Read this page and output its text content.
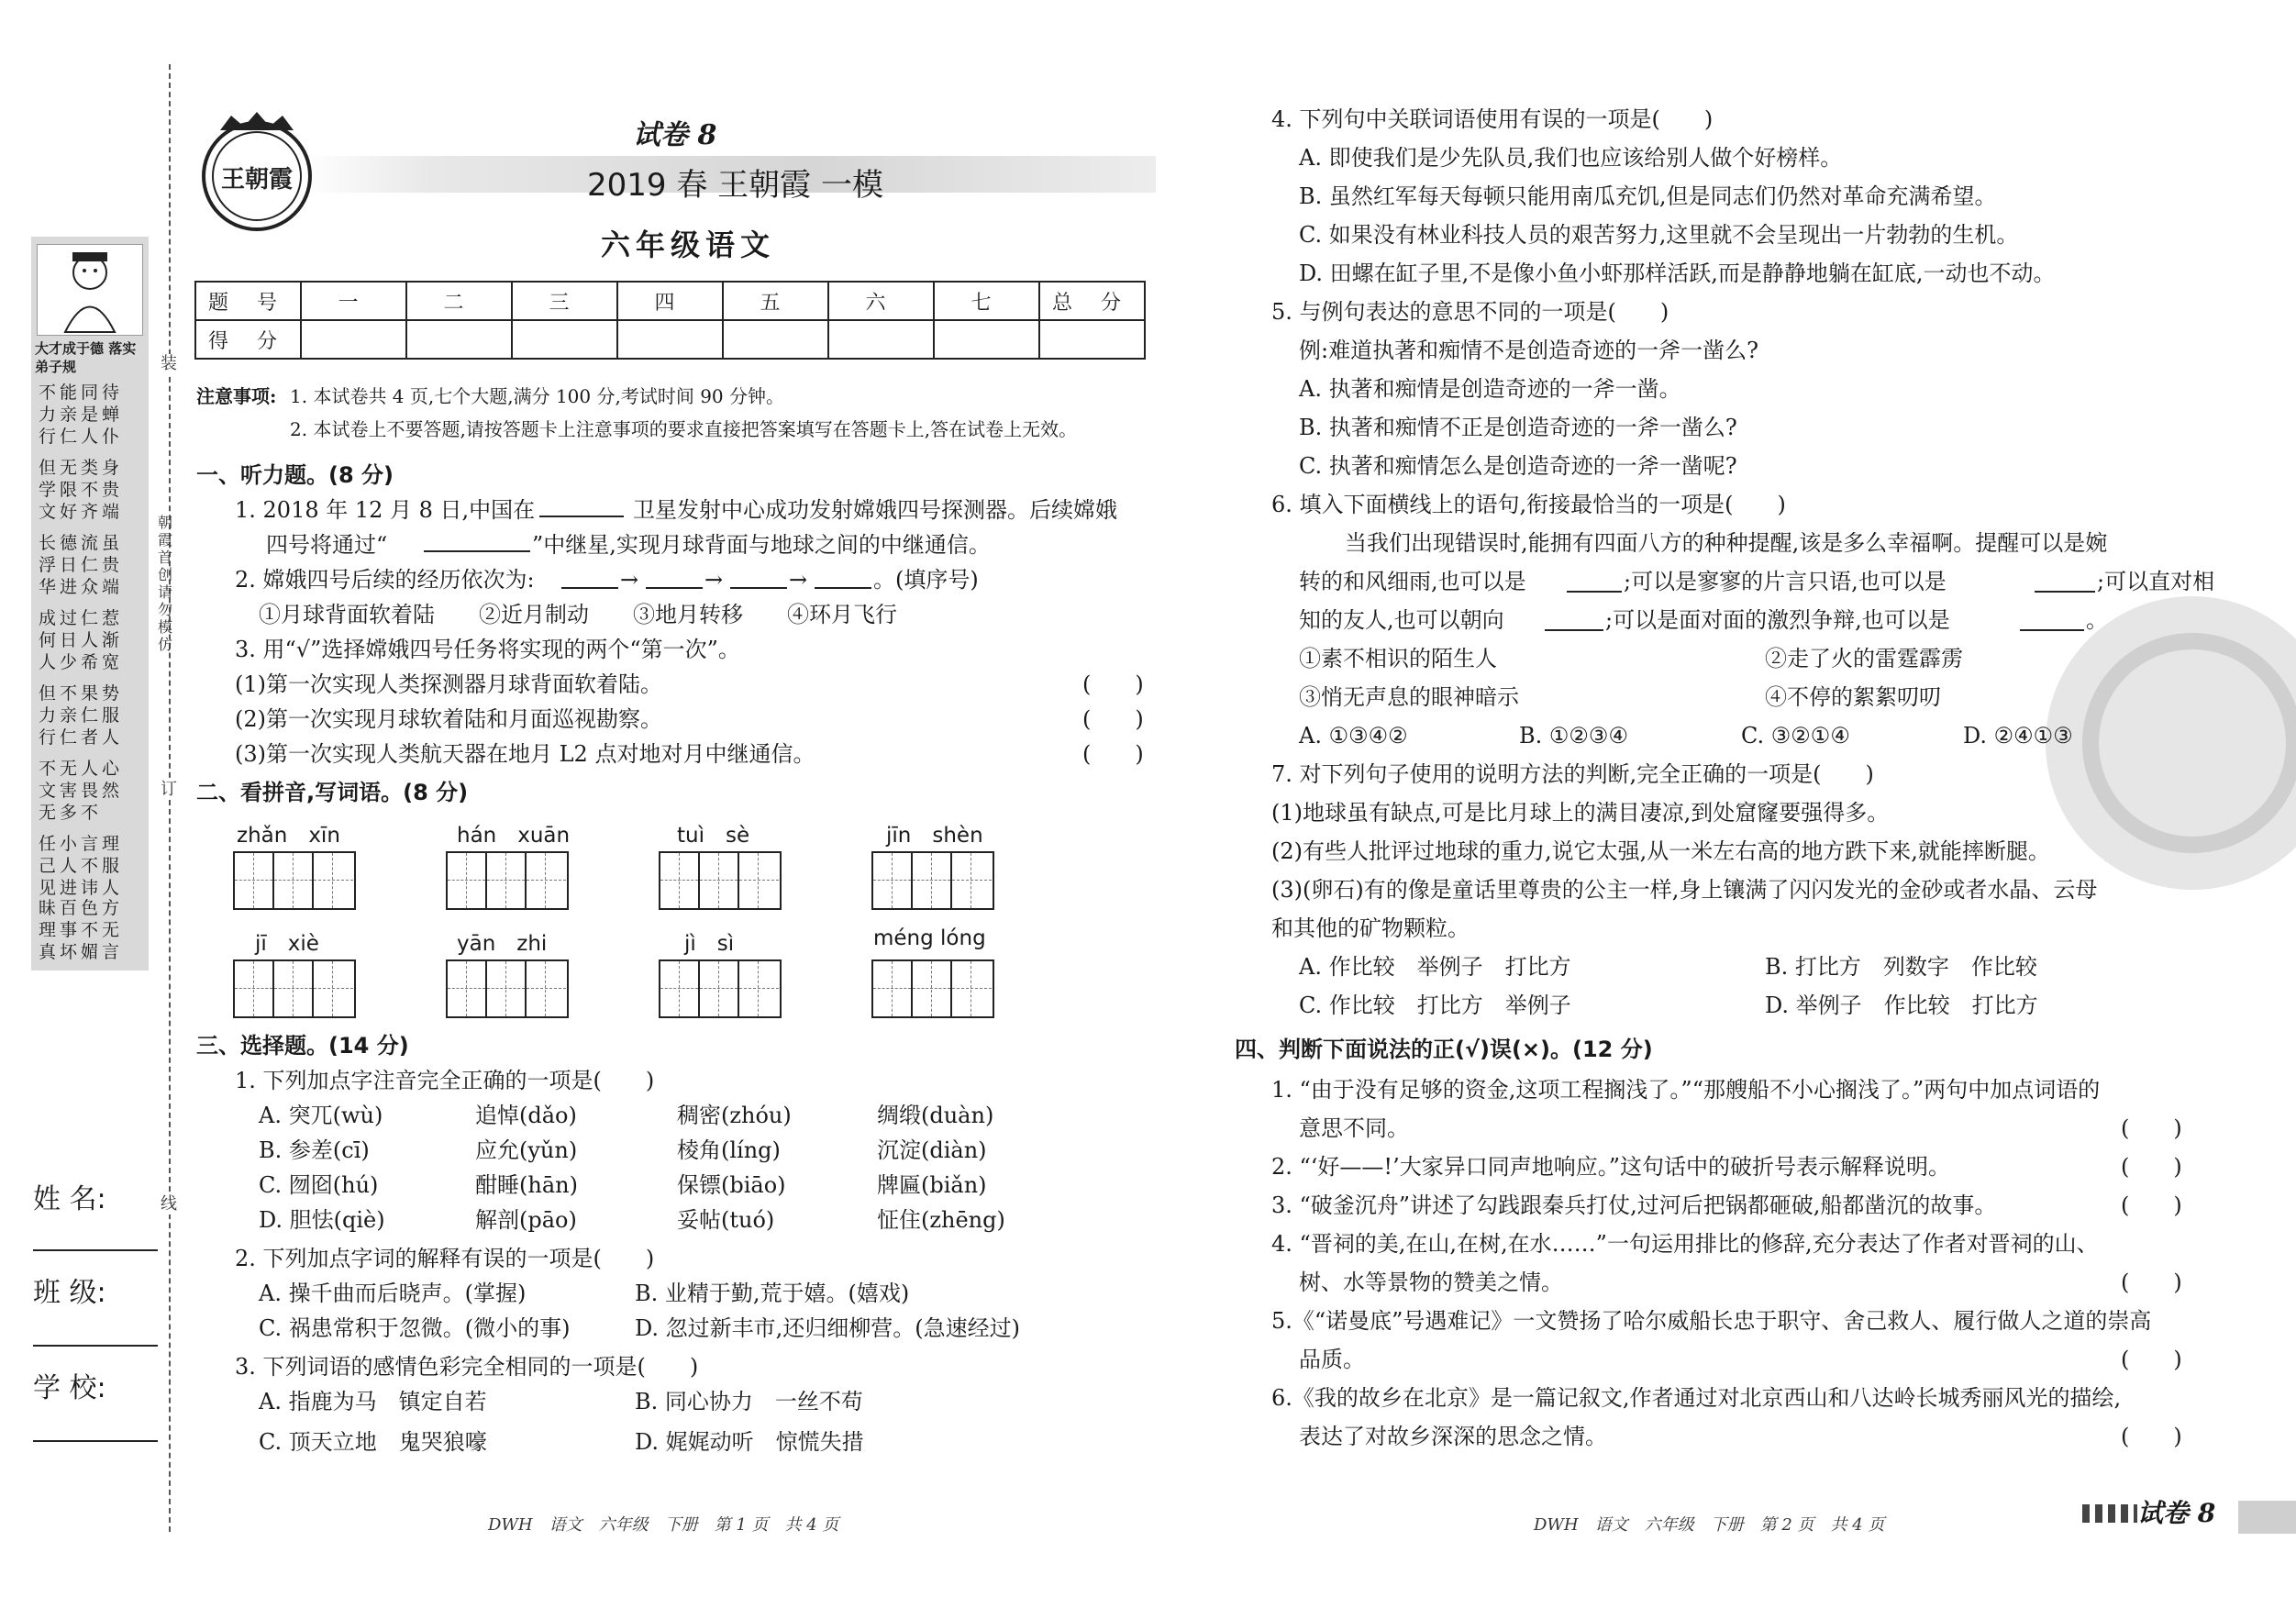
大才成于德 落实弟子规
不能同待 力亲是蝉 行仁人仆
但无类身 学限不贵 文好齐端
长德流虽 浮日仁贵 华进众端
成过仁惹 何日人渐 人少希宽
但不果势 力亲仁服 行仁者人
不无人心 文害畏然 无多不
任小言理 己人不服 见进讳人
昧百色方 理事不无 真坏媚言
装
订
线
朝霞首创 请勿模仿
姓 名:
班 级:
学 校:
王朝霞
试卷 8
2019 春 王朝霞 一模
六年级语文
题 号	一	二	三	四	五	六	七	总 分
得 分								
注意事项: 1. 本试卷共 4 页,七个大题,满分 100 分,考试时间 90 分钟。
2. 本试卷上不要答题,请按答题卡上注意事项的要求直接把答案填写在答题卡上,答在试卷上无效。
一、听力题。(8 分)
1. 2018 年 12 月 8 日,中国在	卫星发射中心成功发射嫦娥四号探测器。后续嫦娥
四号将通过“	”中继星,实现月球背面与地球之间的中继通信。
2. 嫦娥四号后续的经历依次为:	→	→	→	。(填序号)
①月球背面软着陆　　②近月制动　　③地月转移　　④环月飞行
3. 用“√”选择嫦娥四号任务将实现的两个“第一次”。
(1)第一次实现人类探测器月球背面软着陆。	(　　)
(2)第一次实现月球软着陆和月面巡视勘察。	(　　)
(3)第一次实现人类航天器在地月 L2 点对地对月中继通信。	(　　)
二、看拼音,写词语。(8 分)
zhǎn　xīn	hán　xuān	tuì　sè	jīn　shèn
jī　xiè	yān　zhi	jì　sì	méng lóng
三、选择题。(14 分)
1. 下列加点字注音完全正确的一项是(　　)
A. 突兀(wù)	追悼(dǎo)	稠密(zhóu)	绸缎(duàn)
B. 参差(cī)	应允(yǔn)	棱角(líng)	沉淀(diàn)
C. 囫囵(hú)	酣睡(hān)	保镖(biāo)	牌匾(biǎn)
D. 胆怯(qiè)	解剖(pāo)	妥帖(tuó)	怔住(zhēng)
2. 下列加点字词的解释有误的一项是(　　)
A. 操千曲而后晓声。(掌握)	B. 业精于勤,荒于嬉。(嬉戏)
C. 祸患常积于忽微。(微小的事)	D. 忽过新丰市,还归细柳营。(急速经过)
3. 下列词语的感情色彩完全相同的一项是(　　)
A. 指鹿为马　镇定自若	B. 同心协力　一丝不苟
C. 顶天立地　鬼哭狼嚎	D. 娓娓动听　惊慌失措
DWH　语文　六年级　下册　第 1 页　共 4 页
4. 下列句中关联词语使用有误的一项是(　　)
A. 即使我们是少先队员,我们也应该给别人做个好榜样。
B. 虽然红军每天每顿只能用南瓜充饥,但是同志们仍然对革命充满希望。
C. 如果没有林业科技人员的艰苦努力,这里就不会呈现出一片勃勃的生机。
D. 田螺在缸子里,不是像小鱼小虾那样活跃,而是静静地躺在缸底,一动也不动。
5. 与例句表达的意思不同的一项是(　　)
例:难道执著和痴情不是创造奇迹的一斧一凿么?
A. 执著和痴情是创造奇迹的一斧一凿。
B. 执著和痴情不正是创造奇迹的一斧一凿么?
C. 执著和痴情怎么是创造奇迹的一斧一凿呢?
6. 填入下面横线上的语句,衔接最恰当的一项是(　　)
当我们出现错误时,能拥有四面八方的种种提醒,该是多么幸福啊。提醒可以是婉
转的和风细雨,也可以是	;可以是寥寥的片言只语,也可以是	;可以直对相
知的友人,也可以朝向	;可以是面对面的激烈争辩,也可以是	。
①素不相识的陌生人	②走了火的雷霆霹雳
③悄无声息的眼神暗示	④不停的絮絮叨叨
A. ①③④②	B. ①②③④	C. ③②①④	D. ②④①③
7. 对下列句子使用的说明方法的判断,完全正确的一项是(　　)
(1)地球虽有缺点,可是比月球上的满目凄凉,到处窟窿要强得多。
(2)有些人批评过地球的重力,说它太强,从一米左右高的地方跌下来,就能摔断腿。
(3)(卵石)有的像是童话里尊贵的公主一样,身上镶满了闪闪发光的金砂或者水晶、云母
和其他的矿物颗粒。
A. 作比较　举例子　打比方	B. 打比方　列数字　作比较
C. 作比较　打比方　举例子	D. 举例子　作比较　打比方
四、判断下面说法的正(√)误(×)。(12 分)
1. “由于没有足够的资金,这项工程搁浅了。”“那艘船不小心搁浅了。”两句中加点词语的
意思不同。	(　　)
2. “‘好——!’大家异口同声地响应。”这句话中的破折号表示解释说明。	(　　)
3. “破釜沉舟”讲述了勾践跟秦兵打仗,过河后把锅都砸破,船都凿沉的故事。	(　　)
4. “晋祠的美,在山,在树,在水……”一句运用排比的修辞,充分表达了作者对晋祠的山、
树、水等景物的赞美之情。	(　　)
5.《“诺曼底”号遇难记》一文赞扬了哈尔威船长忠于职守、舍己救人、履行做人之道的崇高
品质。	(　　)
6.《我的故乡在北京》是一篇记叙文,作者通过对北京西山和八达岭长城秀丽风光的描绘,
表达了对故乡深深的思念之情。	(　　)
DWH　语文　六年级　下册　第 2 页　共 4 页	试卷 8
